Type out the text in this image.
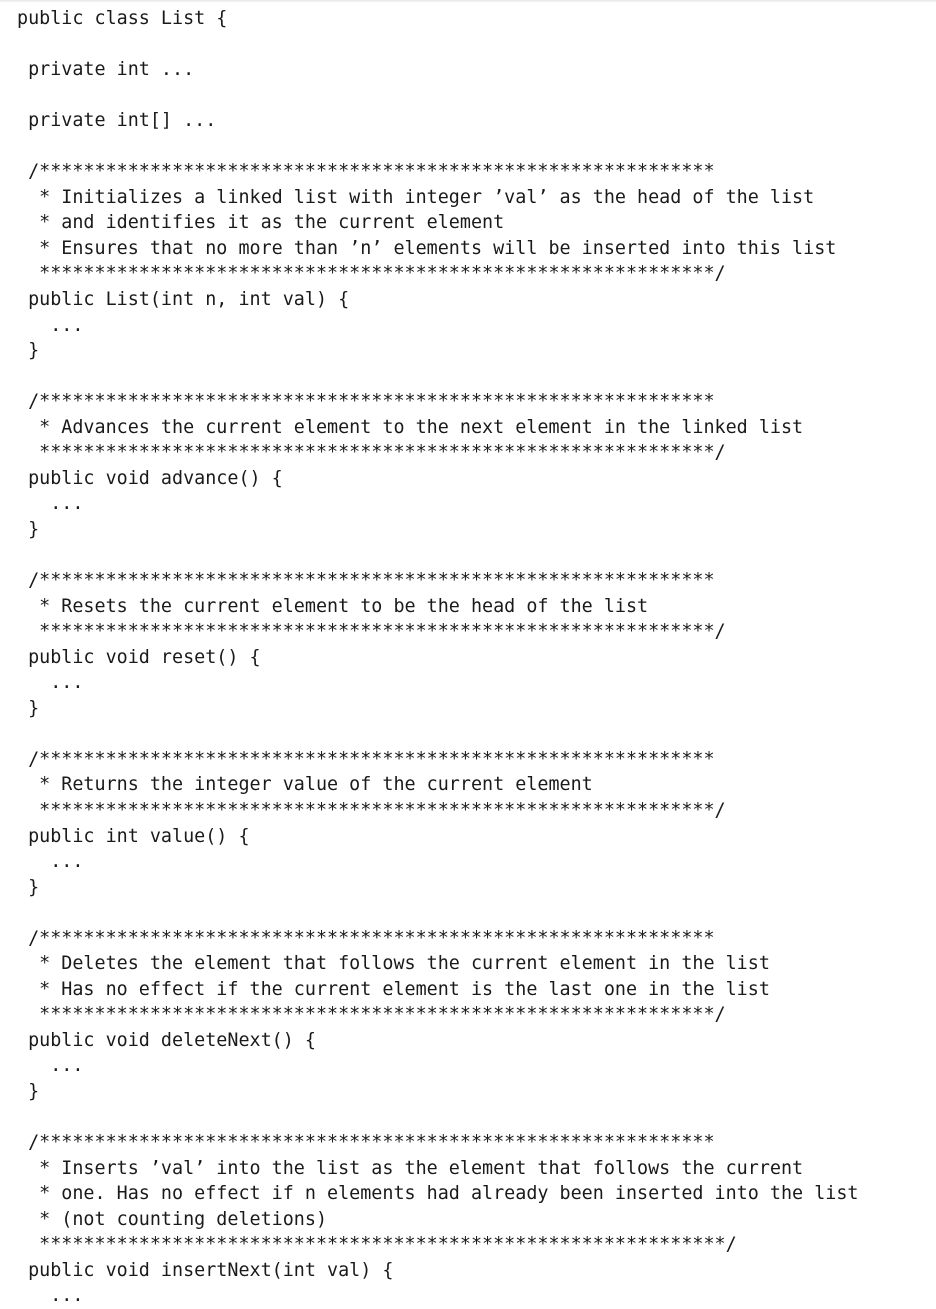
public class List {
private int ...
private int[] ...
/*************************************************************
* Initializes a linked list with integer ’val’ as the head of the list
* and identifies it as the current element
* Ensures that no more than ’n’ elements will be inserted into this list
*************************************************************/
public List(int n, int val) {
...
}
/*************************************************************
* Advances the current element to the next element in the linked list
*************************************************************/
public void advance() {
...
}
/*************************************************************
* Resets the current element to be the head of the list
*************************************************************/
public void reset() {
...
}
/*************************************************************
* Returns the integer value of the current element
*************************************************************/
public int value() {
...
}
/*************************************************************
* Deletes the element that follows the current element in the list
* Has no effect if the current element is the last one in the list
*************************************************************/
public void deleteNext() {
...
}
/*************************************************************
* Inserts ’val’ into the list as the element that follows the current
* one. Has no effect if n elements had already been inserted into the list
* (not counting deletions)
**************************************************************/
public void insertNext(int val) {
...
